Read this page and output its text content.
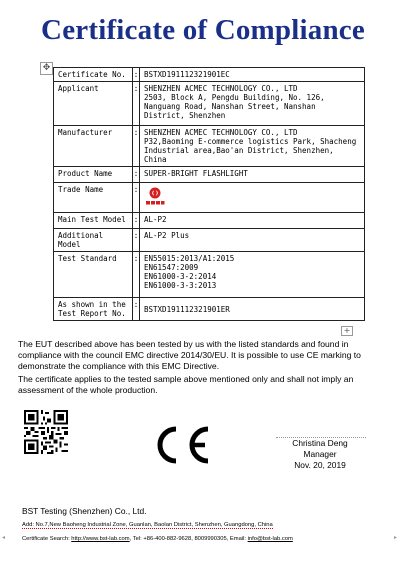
Certificate of Compliance
✥
Certificate No.	:	BSTXD191112321901EC
Applicant	:	SHENZHEN ACMEC TECHNOLOGY CO., LTD
2503, Block A, Pengdu Building, No. 126, Nanguang Road, Nanshan Street, Nanshan District, Shenzhen

Manufacturer	:	SHENZHEN ACMEC TECHNOLOGY CO., LTD
P32,Baoming E-commerce logistics Park, Shacheng Industrial area,Bao'an District, Shenzhen, China

Product Name	:	SUPER-BRIGHT FLASHLIGHT
Trade Name	:	
Main Test Model	:	AL-P2
Additional Model	:	AL-P2 Plus
Test Standard	:	EN55015:2013/A1:2015
EN61547:2009
EN61000-3-2:2014
EN61000-3-3:2013

As shown in the Test Report No.	:	BSTXD191112321901ER
+
The EUT described above has been tested by us with the listed standards and found in compliance with the council EMC directive 2014/30/EU. It is possible to use CE marking to demonstrate the compliance with this EMC Directive.
The certificate applies to the tested sample above mentioned only and shall not imply an assessment of the whole production.
Christina Deng
Manager
Nov. 20, 2019
BST Testing (Shenzhen) Co., Ltd.
Add: No.7,New Baoheng Industrial Zone, Guanlan, Baolan District, Shenzhen, Guangdong, China
Certificate Search: http://www.bst-lab.com, Tel: +86-400-882-9628, 8009990305, Email: info@bst-lab.com
◂	▸
